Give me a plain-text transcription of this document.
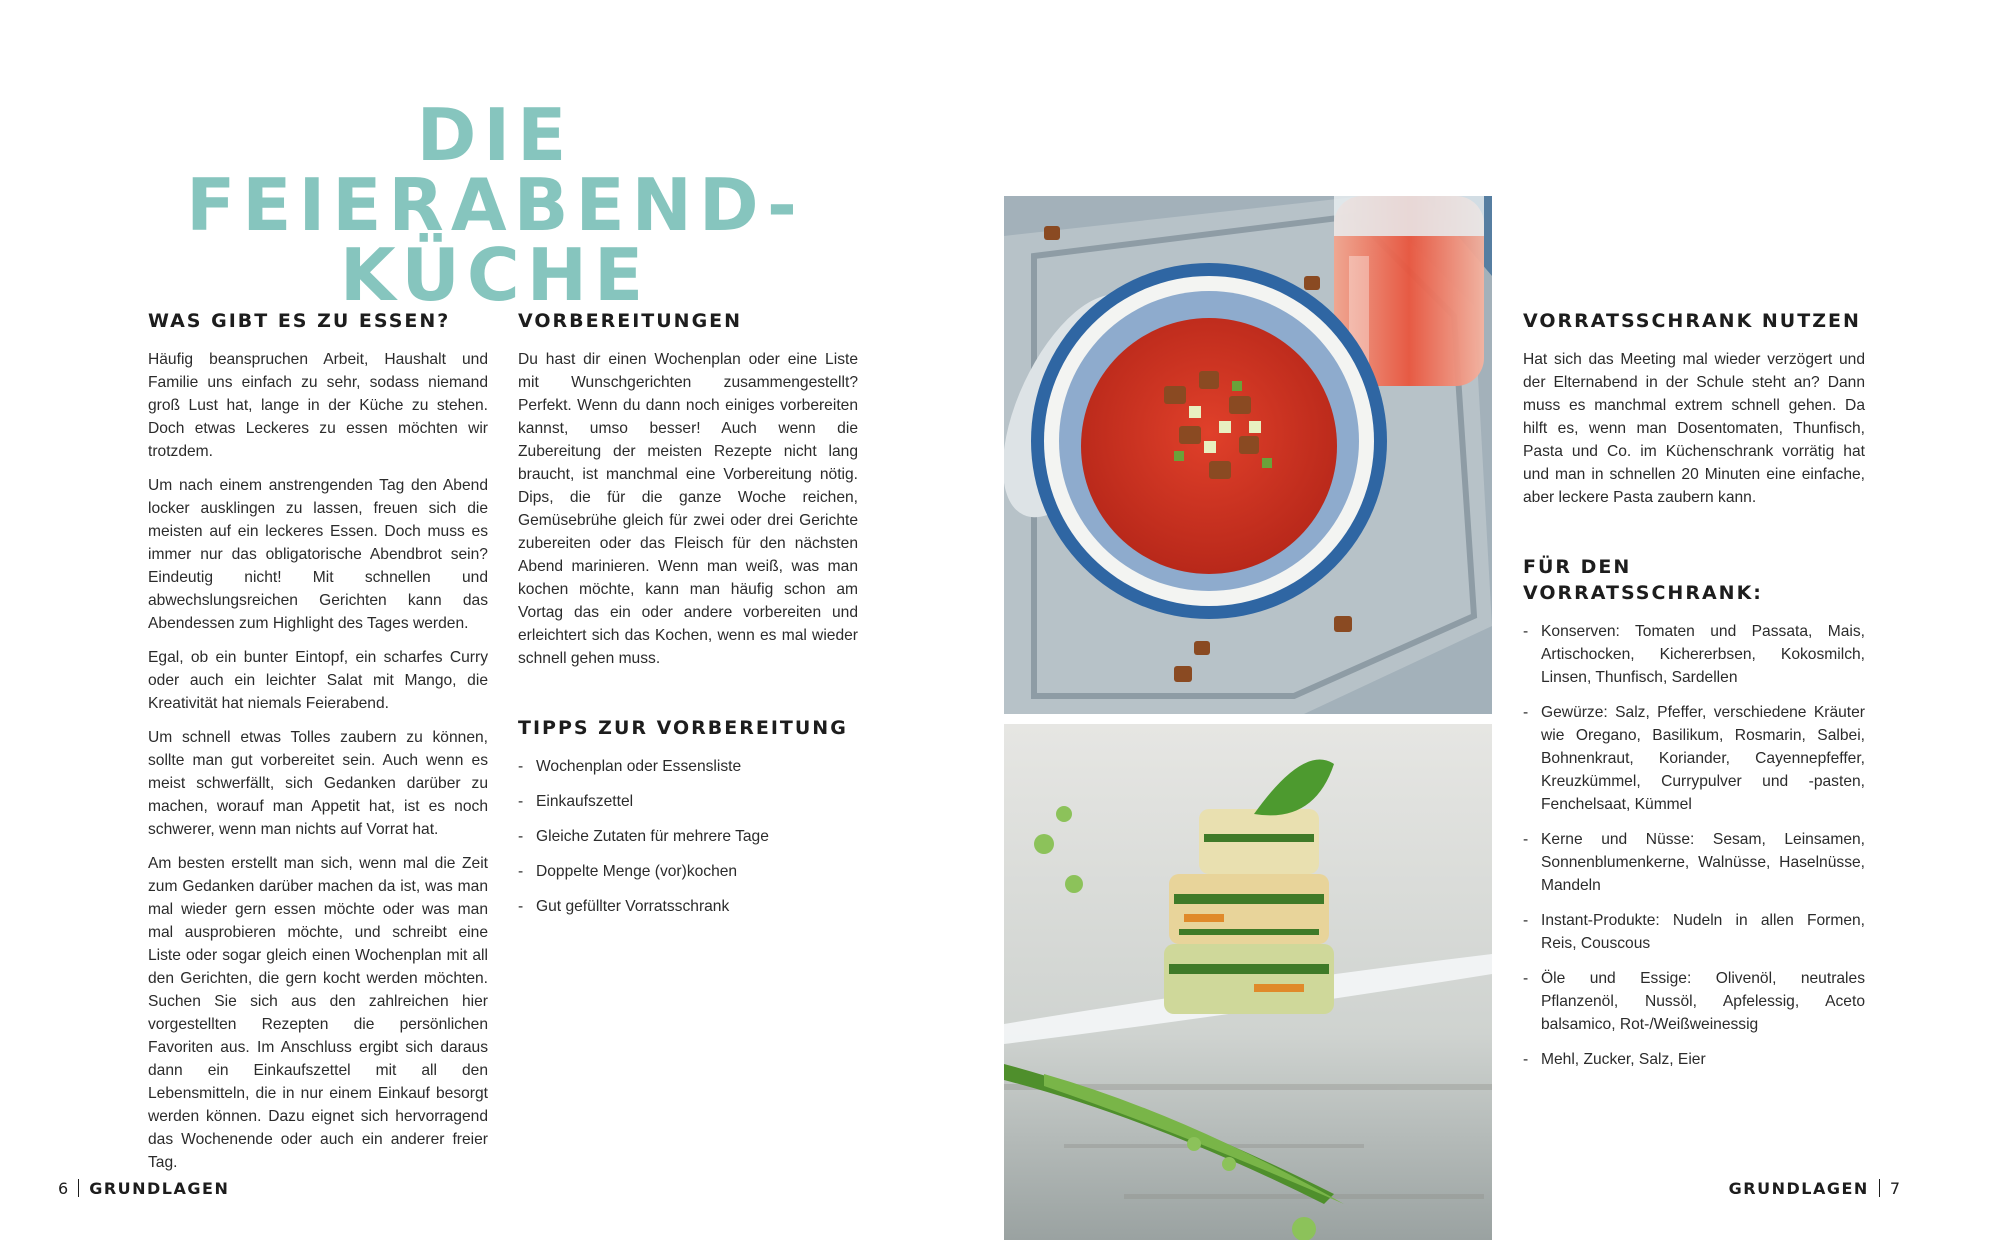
DIE FEIERABEND-
KÜCHE
WAS GIBT ES ZU ESSEN?

Häufig beanspruchen Arbeit, Haushalt und Familie uns einfach zu sehr, sodass niemand groß Lust hat, lange in der Küche zu stehen. Doch etwas Leckeres zu essen möchten wir trotzdem.

Um nach einem anstrengenden Tag den Abend locker ausklingen zu lassen, freuen sich die meisten auf ein leckeres Essen. Doch muss es immer nur das obligatorische Abendbrot sein? Eindeutig nicht! Mit schnellen und abwechslungsreichen Gerichten kann das Abendessen zum Highlight des Tages werden.

Egal, ob ein bunter Eintopf, ein scharfes Curry oder auch ein leichter Salat mit Mango, die Kreativität hat niemals Feierabend.

Um schnell etwas Tolles zaubern zu können, sollte man gut vorbereitet sein. Auch wenn es meist schwerfällt, sich Gedanken darüber zu machen, worauf man Appetit hat, ist es noch schwerer, wenn man nichts auf Vorrat hat.

Am besten erstellt man sich, wenn mal die Zeit zum Gedanken darüber machen da ist, was man mal wieder gern essen möchte oder was man mal ausprobieren möchte, und schreibt eine Liste oder sogar gleich einen Wochenplan mit all den Gerichten, die gern kocht werden möchten. Suchen Sie sich aus den zahlreichen hier vorgestellten Rezepten die persönlichen Favoriten aus. Im Anschluss ergibt sich daraus dann ein Einkaufszettel mit all den Lebensmitteln, die in nur einem Einkauf besorgt werden können. Dazu eignet sich hervorragend das Wochenende oder auch ein anderer freier Tag.

VORBEREITUNGEN

Du hast dir einen Wochenplan oder eine Liste mit Wunschgerichten zusammengestellt? Perfekt. Wenn du dann noch einiges vorbereiten kannst, umso besser! Auch wenn die Zubereitung der meisten Rezepte nicht lang braucht, ist manchmal eine Vorbereitung nötig. Dips, die für die ganze Woche reichen, Gemüsebrühe gleich für zwei oder drei Gerichte zubereiten oder das Fleisch für den nächsten Abend marinieren. Wenn man weiß, was man kochen möchte, kann man häufig schon am Vortag das ein oder andere vorbereiten und erleichtert sich das Kochen, wenn es mal wieder schnell gehen muss.

TIPPS ZUR VORBEREITUNG
- Wochenplan oder Essensliste
- Einkaufszettel
- Gleiche Zutaten für mehrere Tage
- Doppelte Menge (vor)kochen
- Gut gefüllter Vorratsschrank
VORRATSSCHRANK NUTZEN

Hat sich das Meeting mal wieder verzögert und der Elternabend in der Schule steht an? Dann muss es manchmal extrem schnell gehen. Da hilft es, wenn man Dosentomaten, Thunfisch, Pasta und Co. im Küchenschrank vorrätig hat und man in schnellen 20 Minuten eine einfache, aber leckere Pasta zaubern kann.

FÜR DEN VORRATSSCHRANK:
- Konserven: Tomaten und Passata, Mais, Artischocken, Kichererbsen, Kokosmilch, Linsen, Thunfisch, Sardellen
- Gewürze: Salz, Pfeffer, verschiedene Kräuter wie Oregano, Basilikum, Rosmarin, Salbei, Bohnenkraut, Koriander, Cayennepfeffer, Kreuzkümmel, Currypulver und -pasten, Fenchelsaat, Kümmel
- Kerne und Nüsse: Sesam, Leinsamen, Sonnenblumenkerne, Walnüsse, Haselnüsse, Mandeln
- Instant-Produkte: Nudeln in allen Formen, Reis, Couscous
- Öle und Essige: Olivenöl, neutrales Pflanzenöl, Nussöl, Apfelessig, Aceto balsamico, Rot-/Weißweinessig
- Mehl, Zucker, Salz, Eier
6 GRUNDLAGEN	GRUNDLAGEN 7
